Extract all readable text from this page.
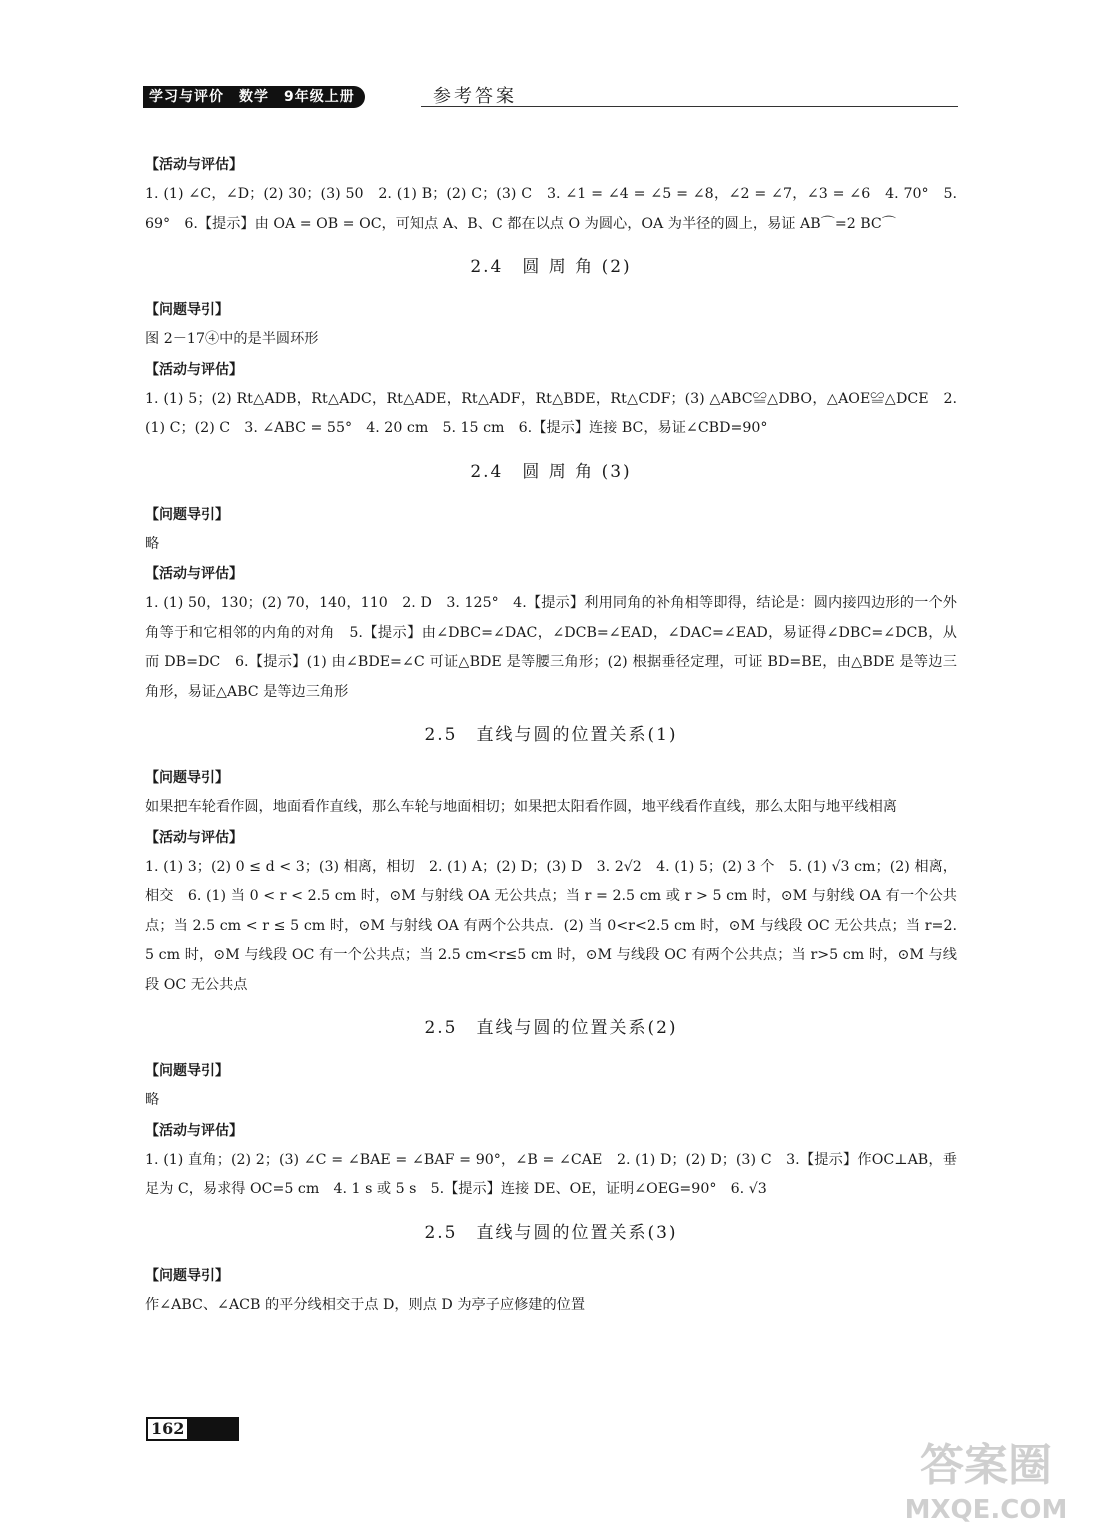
学习与评价　数学　9年级上册	参考答案
【活动与评估】
1. (1) ∠C，∠D；(2) 30；(3) 50　2. (1) B；(2) C；(3) C　3. ∠1 = ∠4 = ∠5 = ∠8，∠2 = ∠7，∠3 = ∠6　4. 70°　5. 69°　6.【提示】由 OA = OB = OC，可知点 A、B、C 都在以点 O 为圆心，OA 为半径的圆上，易证 AB⌒=2 BC⌒
2.4　圆 周 角 (2)
【问题导引】
图 2－17④中的是半圆环形
【活动与评估】
1. (1) 5；(2) Rt△ADB，Rt△ADC，Rt△ADE，Rt△ADF，Rt△BDE，Rt△CDF；(3) △ABC≌△DBO，△AOE≌△DCE　2. (1) C；(2) C　3. ∠ABC = 55°　4. 20 cm　5. 15 cm　6.【提示】连接 BC，易证∠CBD=90°
2.4　圆 周 角 (3)
【问题导引】
略
【活动与评估】
1. (1) 50，130；(2) 70，140，110　2. D　3. 125°　4.【提示】利用同角的补角相等即得，结论是：圆内接四边形的一个外角等于和它相邻的内角的对角　5.【提示】由∠DBC=∠DAC，∠DCB=∠EAD，∠DAC=∠EAD，易证得∠DBC=∠DCB，从而 DB=DC　6.【提示】(1) 由∠BDE=∠C 可证△BDE 是等腰三角形；(2) 根据垂径定理，可证 BD=BE，由△BDE 是等边三角形，易证△ABC 是等边三角形
2.5　直线与圆的位置关系(1)
【问题导引】
如果把车轮看作圆，地面看作直线，那么车轮与地面相切；如果把太阳看作圆，地平线看作直线，那么太阳与地平线相离
【活动与评估】
1. (1) 3；(2) 0 ≤ d < 3；(3) 相离，相切　2. (1) A；(2) D；(3) D　3. 2√2　4. (1) 5；(2) 3 个　5. (1) √3 cm；(2) 相离，相交　6. (1) 当 0 < r < 2.5 cm 时，⊙M 与射线 OA 无公共点；当 r = 2.5 cm 或 r > 5 cm 时，⊙M 与射线 OA 有一个公共点；当 2.5 cm < r ≤ 5 cm 时，⊙M 与射线 OA 有两个公共点．(2) 当 0<r<2.5 cm 时，⊙M 与线段 OC 无公共点；当 r=2.5 cm 时，⊙M 与线段 OC 有一个公共点；当 2.5 cm<r≤5 cm 时，⊙M 与线段 OC 有两个公共点；当 r>5 cm 时，⊙M 与线段 OC 无公共点
2.5　直线与圆的位置关系(2)
【问题导引】
略
【活动与评估】
1. (1) 直角；(2) 2；(3) ∠C = ∠BAE = ∠BAF = 90°，∠B = ∠CAE　2. (1) D；(2) D；(3) C　3.【提示】作OC⊥AB，垂足为 C，易求得 OC=5 cm　4. 1 s 或 5 s　5.【提示】连接 DE、OE，证明∠OEG=90°　6. √3
2.5　直线与圆的位置关系(3)
【问题导引】
作∠ABC、∠ACB 的平分线相交于点 D，则点 D 为亭子应修建的位置
162
答案圈
MXQE.COM
